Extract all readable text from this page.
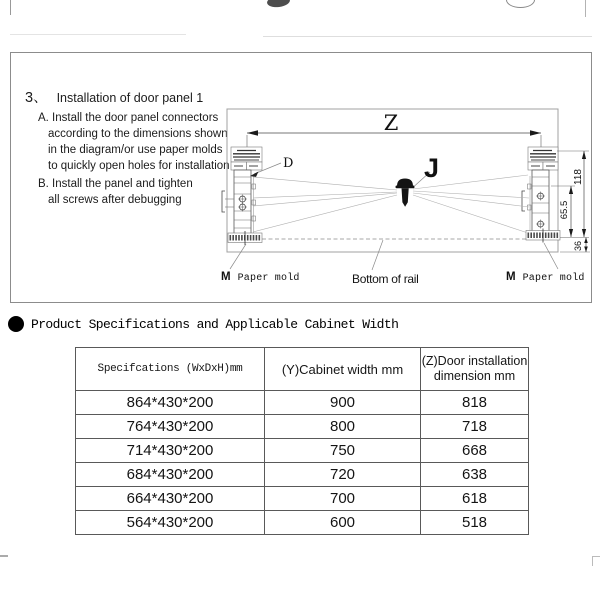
3、 Installation of door panel 1
A. Install the door panel connectors
according to the dimensions shown
in the diagram/or use paper molds
to quickly open holes for installation
B. Install the panel and tighten
all screws after debugging
Z
J
D
118
65.5
36
M Paper mold	Bottom of rail	M Paper mold
Product Specifications and Applicable Cabinet Width
Specifcations (WxDxH)mm	(Y)Cabinet width mm	(Z)Door installation
dimension mm

864*430*200	900	818
764*430*200	800	718
714*430*200	750	668
684*430*200	720	638
664*430*200	700	618
564*430*200	600	518
